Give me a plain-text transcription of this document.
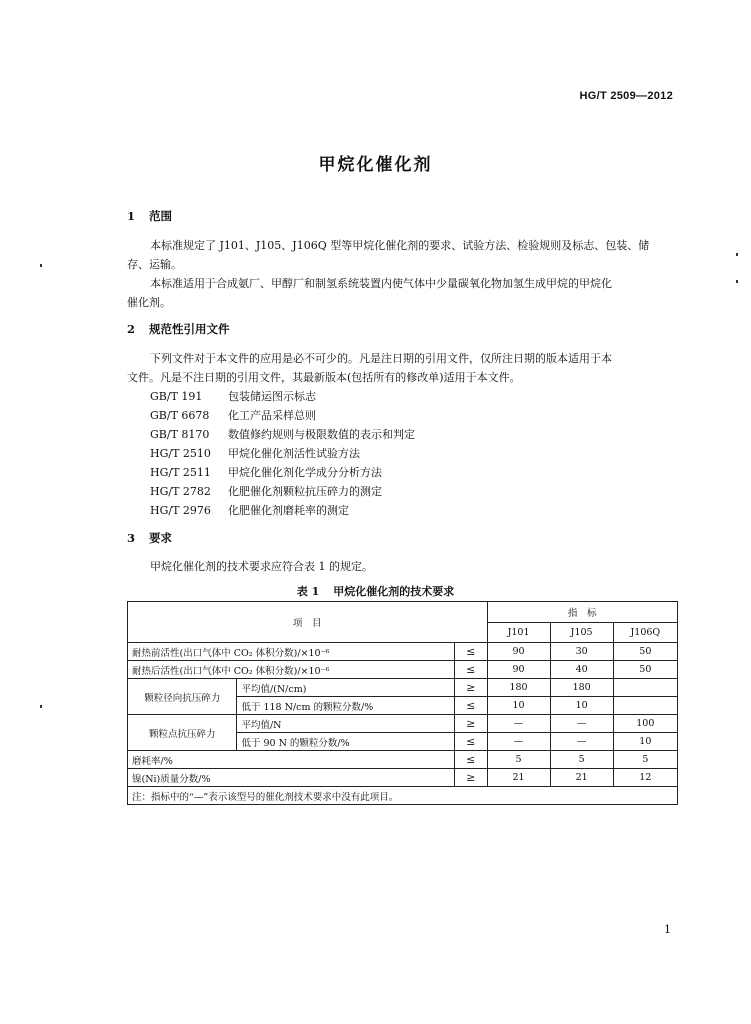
HG/T 2509—2012
甲烷化催化剂
1 范围
本标准规定了 J101、J105、J106Q 型等甲烷化催化剂的要求、试验方法、检验规则及标志、包装、储
存、运输。
本标准适用于合成氨厂、甲醇厂和制氢系统装置内使气体中少量碳氧化物加氢生成甲烷的甲烷化
催化剂。
2 规范性引用文件
下列文件对于本文件的应用是必不可少的。凡是注日期的引用文件，仅所注日期的版本适用于本
文件。凡是不注日期的引用文件，其最新版本(包括所有的修改单)适用于本文件。
GB/T 191 包装储运图示标志
GB/T 6678 化工产品采样总则
GB/T 8170 数值修约规则与极限数值的表示和判定
HG/T 2510 甲烷化催化剂活性试验方法
HG/T 2511 甲烷化催化剂化学成分分析方法
HG/T 2782 化肥催化剂颗粒抗压碎力的测定
HG/T 2976 化肥催化剂磨耗率的测定
3 要求
甲烷化催化剂的技术要求应符合表 1 的规定。
表 1 甲烷化催化剂的技术要求
项　目			指　标		
			J101	J105	J106Q
耐热前活性(出口气体中 CO₂ 体积分数)/×10⁻⁶		≤	90	30	50
耐热后活性(出口气体中 CO₂ 体积分数)/×10⁻⁶		≤	90	40	50
颗粒径向抗压碎力	平均值/(N/cm)	≥	180	180	
	低于 118 N/cm 的颗粒分数/%	≤	10	10	
颗粒点抗压碎力	平均值/N	≥	—	—	100
	低于 90 N 的颗粒分数/%	≤	—	—	10
磨耗率/%		≤	5	5	5
镍(Ni)质量分数/%		≥	21	21	12
注：指标中的“—”表示该型号的催化剂技术要求中没有此项目。					
1
